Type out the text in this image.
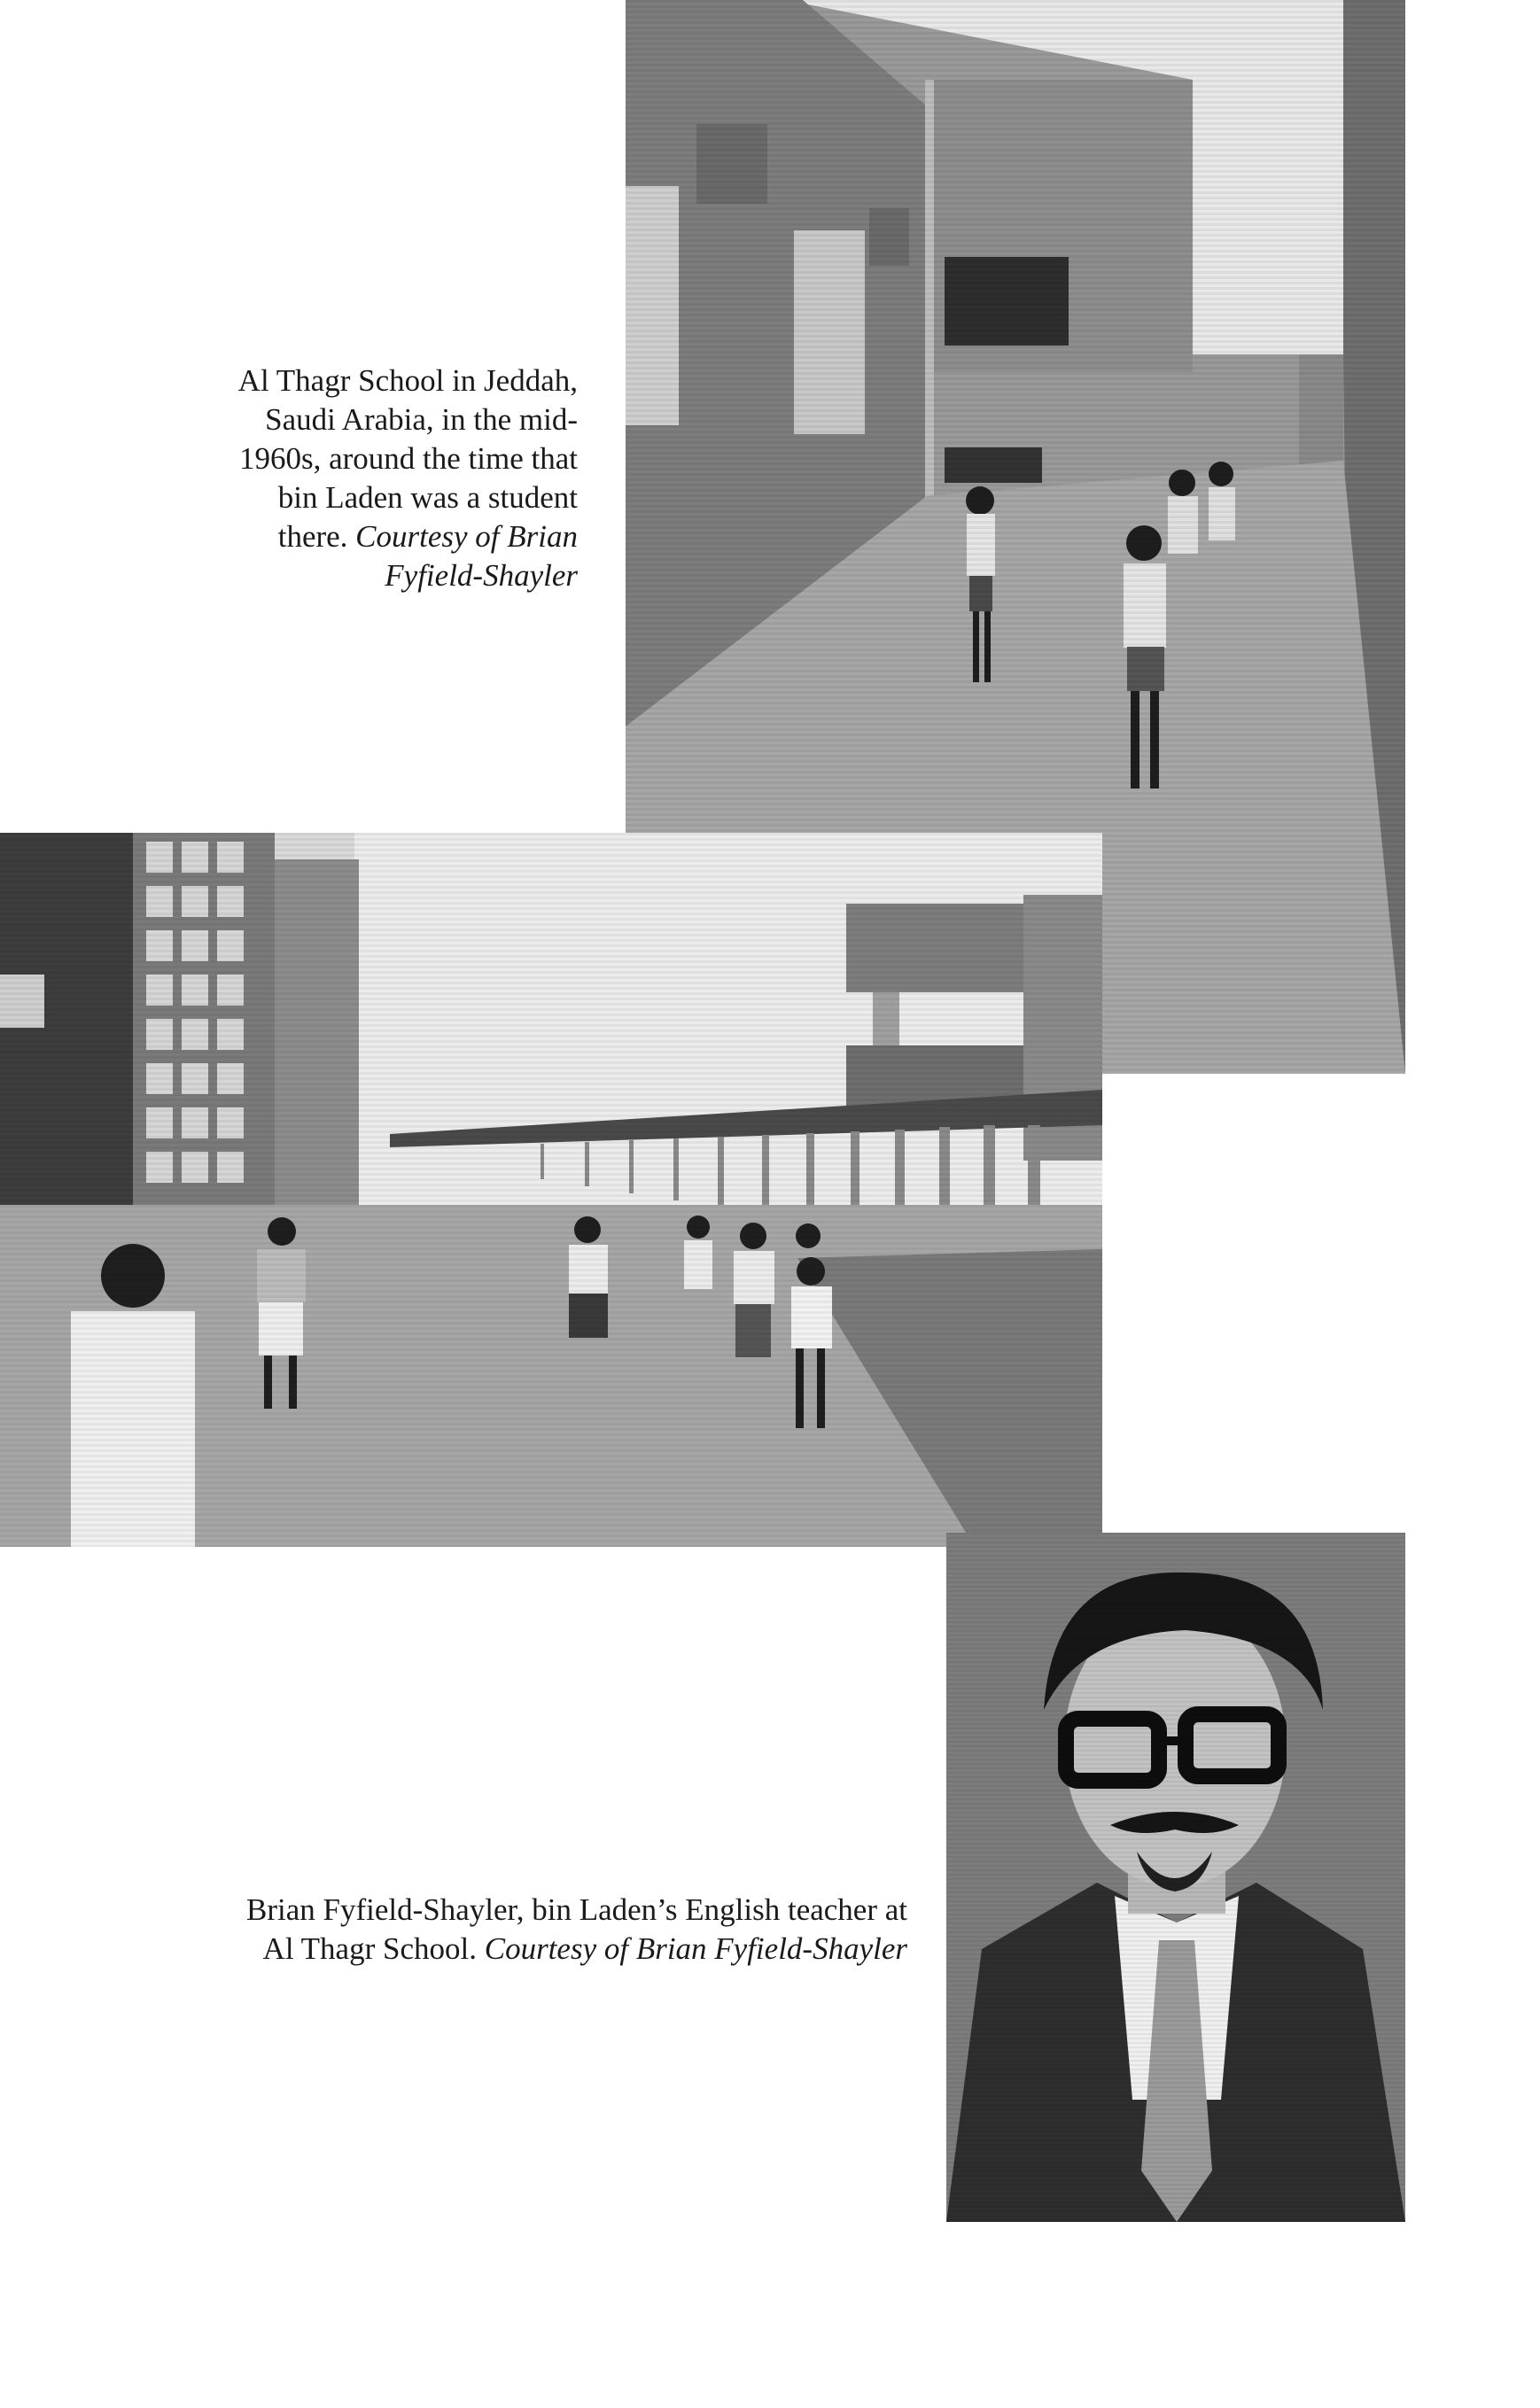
Al Thagr School in Jeddah,
Saudi Arabia, in the mid-
1960s, around the time that
bin Laden was a student
there. Courtesy of Brian
Fyfield-Shayler

Brian Fyfield-Shayler, bin Laden’s English teacher at
Al Thagr School. Courtesy of Brian Fyfield-Shayler
